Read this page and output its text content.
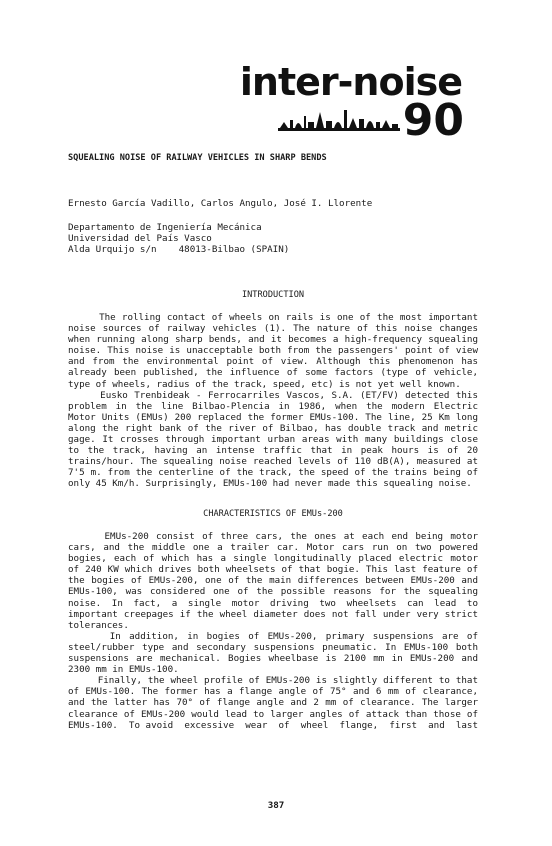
inter-noise
90

SQUEALING NOISE OF RAILWAY VEHICLES IN SHARP BENDS

Ernesto García Vadillo, Carlos Angulo, José I. Llorente

Departamento de Ingeniería Mecánica
Universidad del País Vasco
Alda Urquijo s/n    48013-Bilbao (SPAIN)

INTRODUCTION

The rolling contact of wheels on rails is one of the most important
noise sources of railway vehicles (1). The nature of this noise changes
when running along sharp bends, and it becomes a high-frequency squealing
noise. This noise is unacceptable both from the passengers' point of view
and from the environmental point of view. Although this phenomenon has
already been published, the influence of some factors (type of vehicle,
type of wheels, radius of the track, speed, etc) is not yet well known.
Eusko Trenbideak - Ferrocarriles Vascos, S.A. (ET/FV) detected this
problem in the line Bilbao-Plencia in 1986, when the modern Electric
Motor Units (EMUs) 200 replaced the former EMUs-100. The line, 25 Km long
along the right bank of the river of Bilbao, has double track and metric
gage. It crosses through important urban areas with many buildings close
to the track, having an intense traffic that in peak hours is of 20
trains/hour. The squealing noise reached levels of 110 dB(A), measured at
7'5 m. from the centerline of the track, the speed of the trains being of
only 45 Km/h. Surprisingly, EMUs-100 had never made this squealing noise.

CHARACTERISTICS OF EMUs-200

EMUs-200 consist of three cars, the ones at each end being motor
cars, and the middle one a trailer car. Motor cars run on two powered
bogies, each of which has a single longitudinally placed electric motor
of 240 KW which drives both wheelsets of that bogie. This last feature of
the bogies of EMUs-200, one of the main differences between EMUs-200 and
EMUs-100, was considered one of the possible reasons for the squealing
noise. In fact, a single motor driving two wheelsets can lead to
important creepages if the wheel diameter does not fall under very strict
tolerances.
In addition, in bogies of EMUs-200, primary suspensions are of
steel/rubber type and secondary suspensions pneumatic. In EMUs-100 both
suspensions are mechanical. Bogies wheelbase is 2100 mm in EMUs-200 and
2300 mm in EMUs-100.
Finally, the wheel profile of EMUs-200 is slightly different to that
of EMUs-100. The former has a flange angle of 75° and 6 mm of clearance,
and the latter has 70° of flange angle and 2 mm of clearance. The larger
clearance of EMUs-200 would lead to larger angles of attack than those of
EMUs-100.  To avoid  excessive  wear  of  wheel  flange,  first  and  last
387
